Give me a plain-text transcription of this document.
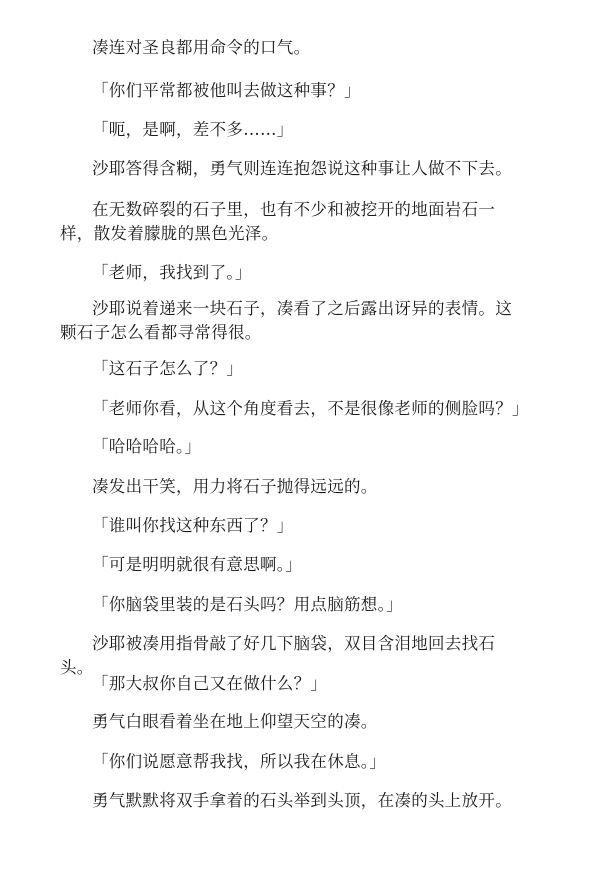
凑连对圣良都用命令的口气。

「你们平常都被他叫去做这种事？」

「呃，是啊，差不多……」

沙耶答得含糊，勇气则连连抱怨说这种事让人做不下去。

在无数碎裂的石子里，也有不少和被挖开的地面岩石一样，散发着朦胧的黑色光泽。

「老师，我找到了。」

沙耶说着递来一块石子，凑看了之后露出讶异的表情。这颗石子怎么看都寻常得很。

「这石子怎么了？」

「老师你看，从这个角度看去，不是很像老师的侧脸吗？」

「哈哈哈哈。」

凑发出干笑，用力将石子抛得远远的。

「谁叫你找这种东西了？」

「可是明明就很有意思啊。」

「你脑袋里装的是石头吗？用点脑筋想。」

沙耶被凑用指骨敲了好几下脑袋，双目含泪地回去找石头。

「那大叔你自己又在做什么？」

勇气白眼看着坐在地上仰望天空的凑。

「你们说愿意帮我找，所以我在休息。」

勇气默默将双手拿着的石头举到头顶，在凑的头上放开。
